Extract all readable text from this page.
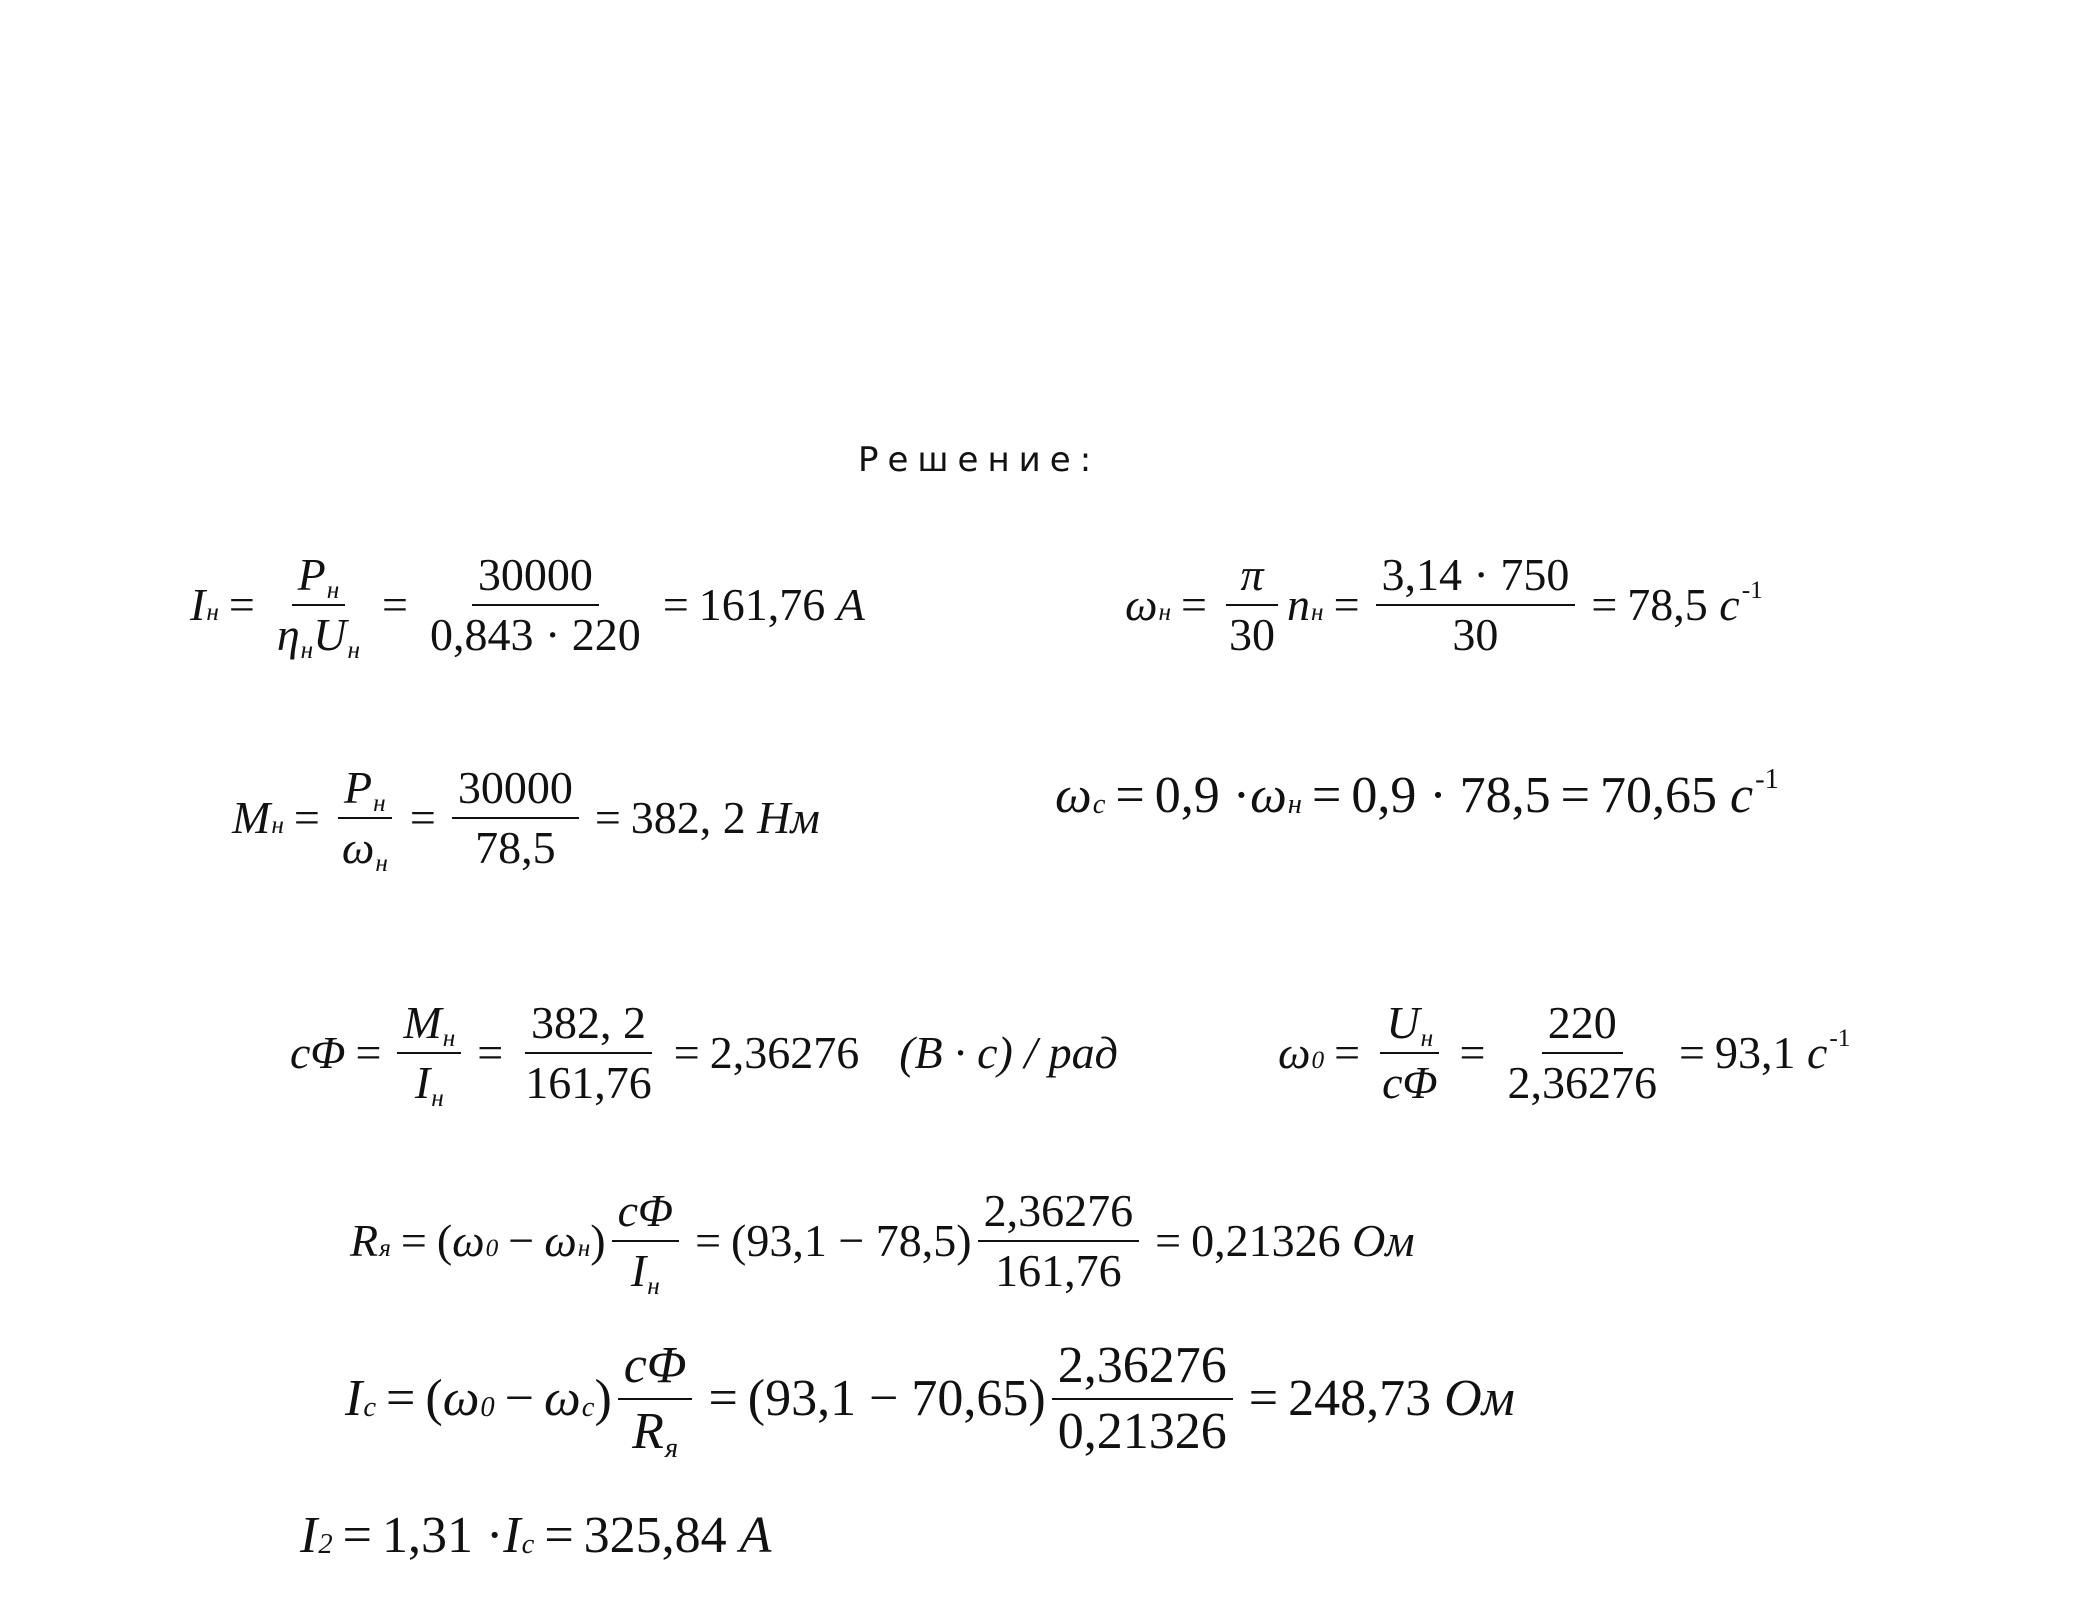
Решение:
I $н = \frac{Pн}{\text{ηнUн}} = \frac{30000}{0,843 \cdot 220} = 161,76$
A	ω $н = \frac{\pi}{30}$ n $н = \frac{3,14 \cdot 750}{30} = 78,5$
c -1
M $н = \frac{Pн}{\omega н} = \frac{30000}{78,5} = 382$, 2
Нм	ω c = 0,9 · ω н = 0,9 · 78,5 = 70,65
c -1
$c\Phi = \frac{Mн}{Iн} = \frac{382, 2}{161,76} = 2,36276$ (B · c) / рад	ω $0 = \frac{Uн}{c\Phi} = \frac{220}{2,36276} = 93,1$
c -1
R я = ( ω 0 − ω н ) $\frac{c\Phi}{Iн} = (93,1 - 78,5) \frac{2,36276}{161,76} = 0,21326$
Ом
I c = ( ω 0 − ω c ) $\frac{c\Phi}{Rя} = (93,1 - 70,65) \frac{2,36276}{0,21326} = 248,73$
Ом
I 2 = 1,31 · I c = 325,84
A
